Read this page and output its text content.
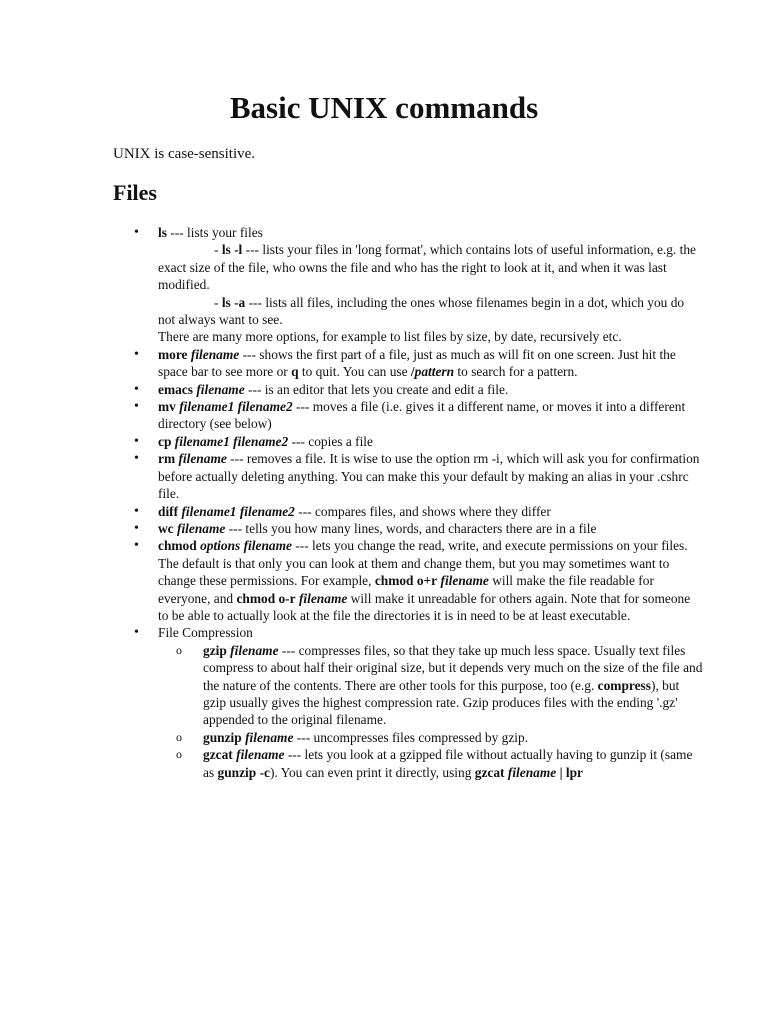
Basic UNIX commands

UNIX is case-sensitive.

Files
• ls --- lists your files
- ls -l --- lists your files in 'long format', which contains lots of useful information, e.g. the exact size of the file, who owns the file and who has the right to look at it, and when it was last modified.
- ls -a --- lists all files, including the ones whose filenames begin in a dot, which you do not always want to see.
There are many more options, for example to list files by size, by date, recursively etc.
• more filename --- shows the first part of a file, just as much as will fit on one screen. Just hit the space bar to see more or q to quit. You can use /pattern to search for a pattern.
• emacs filename --- is an editor that lets you create and edit a file.
• mv filename1 filename2 --- moves a file (i.e. gives it a different name, or moves it into a different directory (see below)
• cp filename1 filename2 --- copies a file
• rm filename --- removes a file. It is wise to use the option rm -i, which will ask you for confirmation before actually deleting anything. You can make this your default by making an alias in your .cshrc file.
• diff filename1 filename2 --- compares files, and shows where they differ
• wc filename --- tells you how many lines, words, and characters there are in a file
• chmod options filename --- lets you change the read, write, and execute permissions on your files. The default is that only you can look at them and change them, but you may sometimes want to change these permissions. For example, chmod o+r filename will make the file readable for everyone, and chmod o-r filename will make it unreadable for others again. Note that for someone to be able to actually look at the file the directories it is in need to be at least executable.
• File Compression
o gzip filename --- compresses files, so that they take up much less space. Usually text files compress to about half their original size, but it depends very much on the size of the file and the nature of the contents. There are other tools for this purpose, too (e.g. compress), but gzip usually gives the highest compression rate. Gzip produces files with the ending '.gz' appended to the original filename.
o gunzip filename --- uncompresses files compressed by gzip.
o gzcat filename --- lets you look at a gzipped file without actually having to gunzip it (same as gunzip -c). You can even print it directly, using gzcat filename | lpr
